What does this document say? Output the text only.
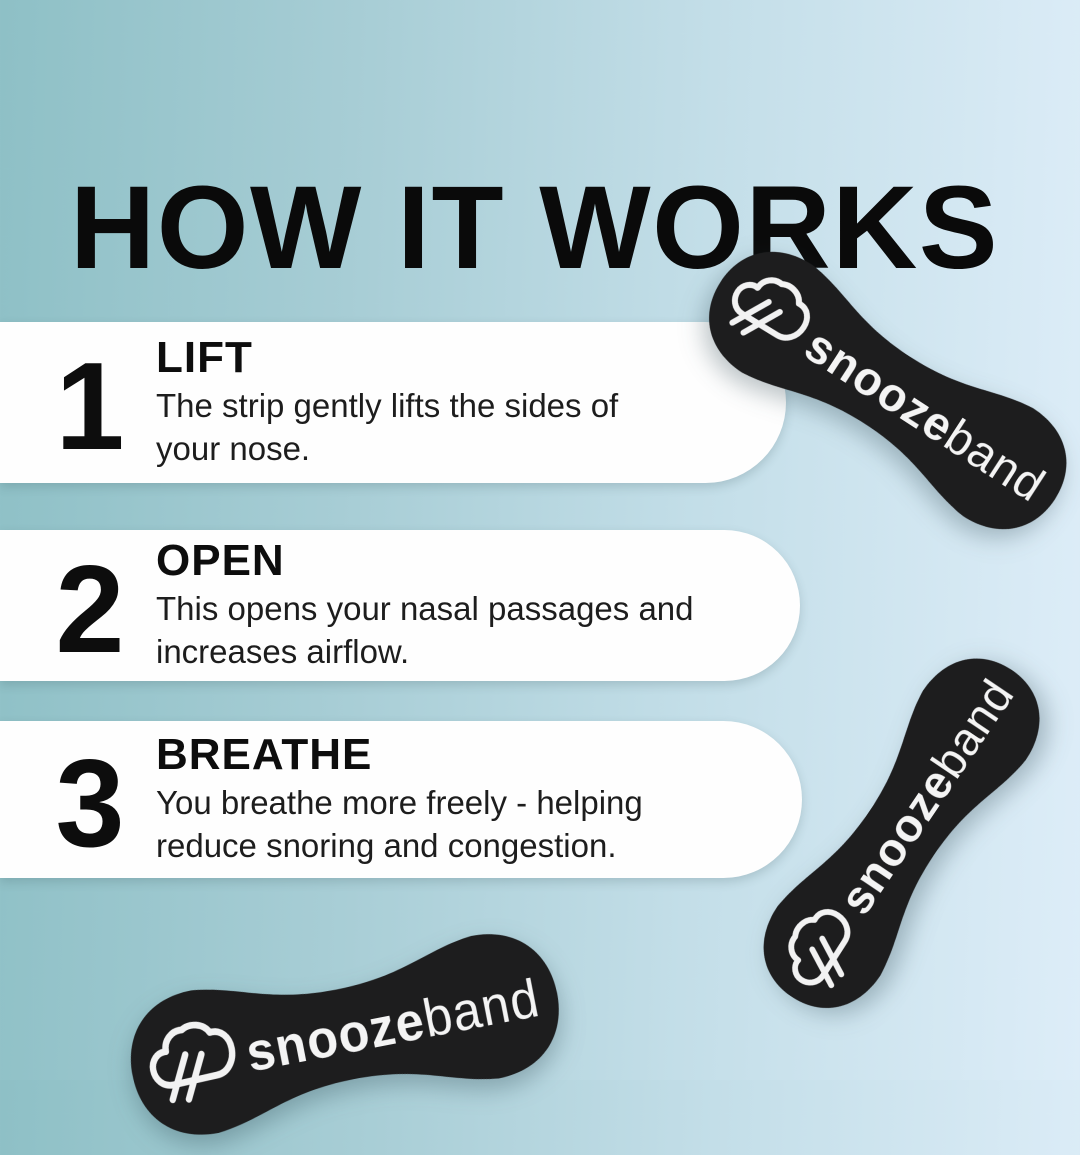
HOW IT WORKS
1 LIFT
The strip gently lifts the sides of your nose.
2 OPEN
This opens your nasal passages and increases airflow.
3 BREATHE
You breathe more freely - helping reduce snoring and congestion.
snoozeband
snoozeband
snoozeband
